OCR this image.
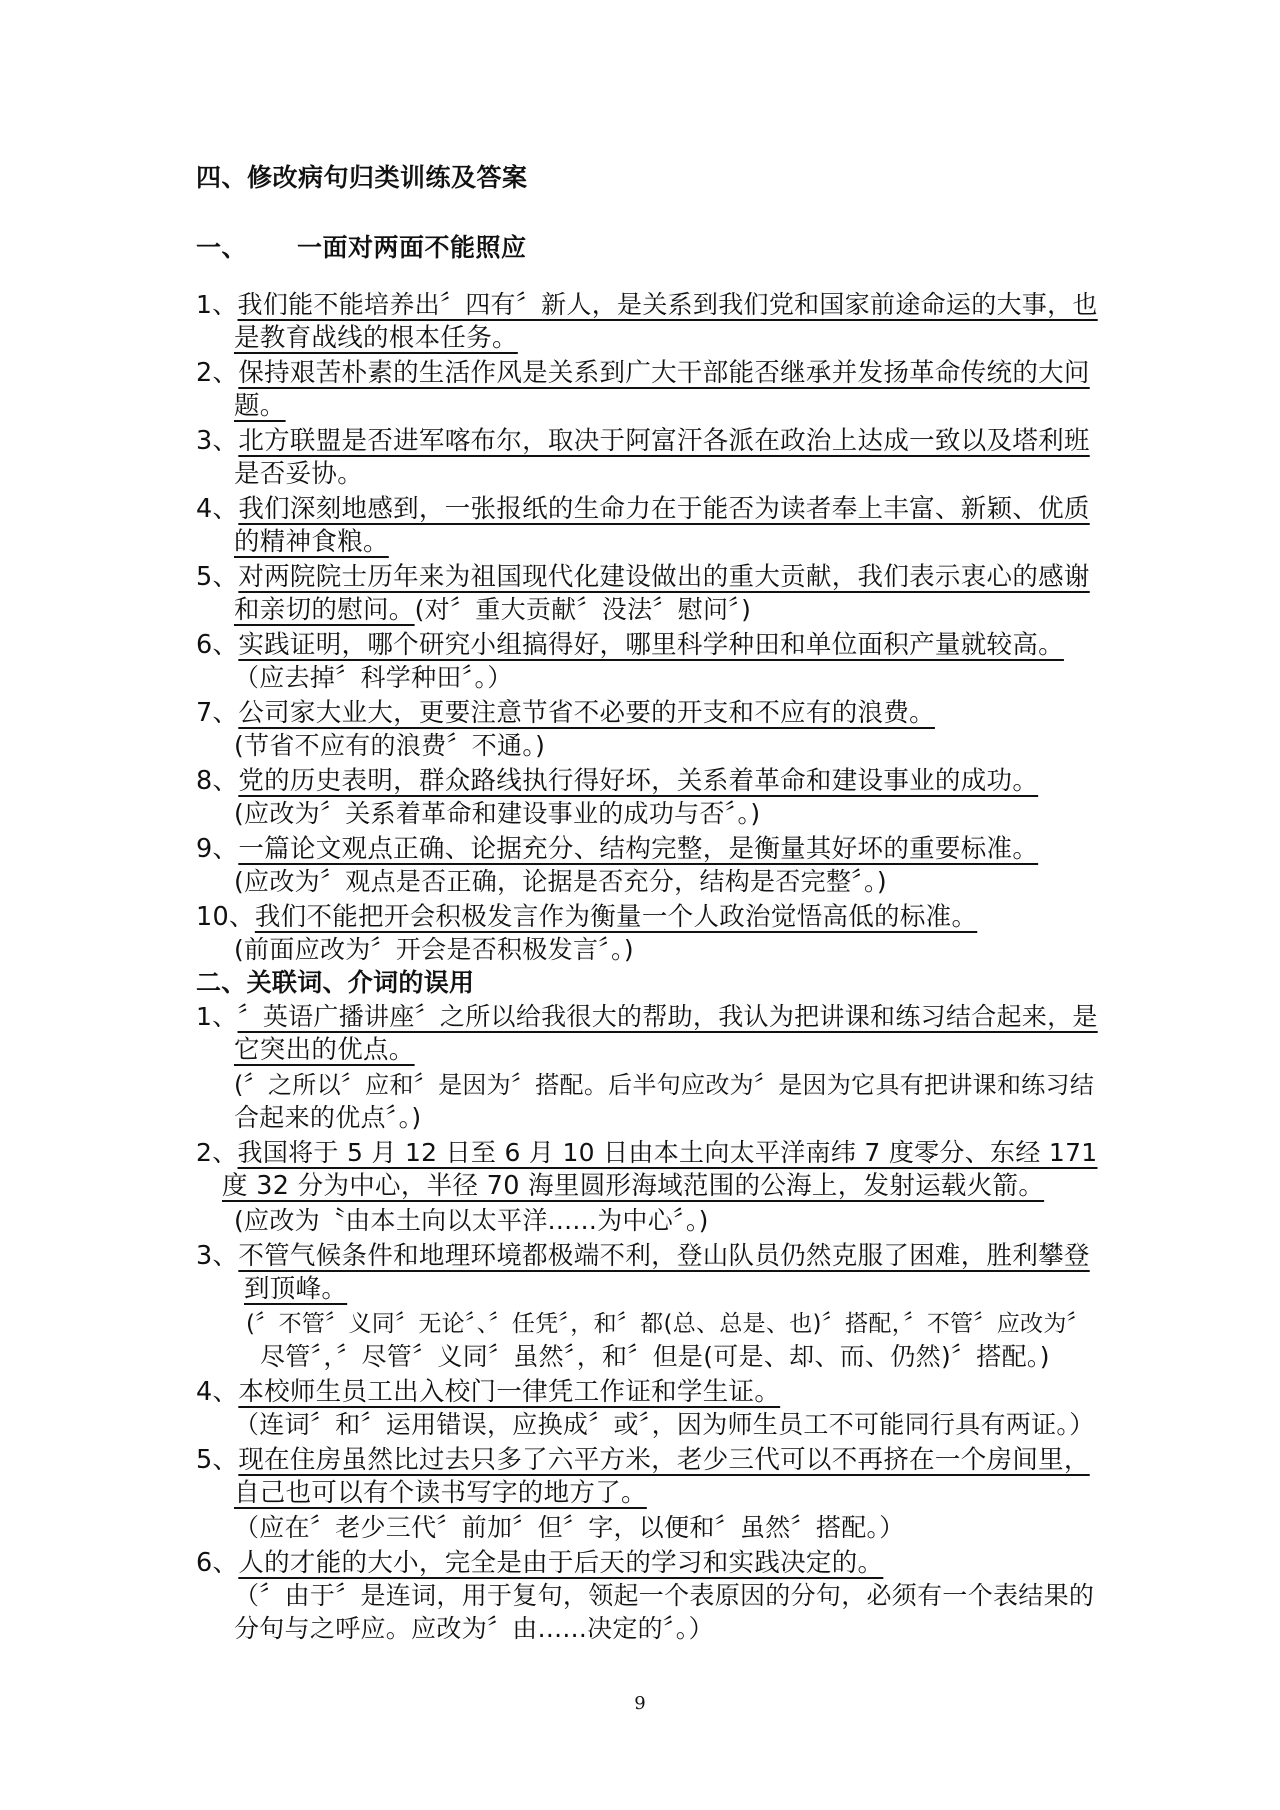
四、修改病句归类训练及答案
一、 一面对两面不能照应
1、我们能不能培养出〞四有〞新人，是关系到我们党和国家前途命运的大事，也
是教育战线的根本任务。
2、保持艰苦朴素的生活作风是关系到广大干部能否继承并发扬革命传统的大问
题。
3、北方联盟是否进军喀布尔，取决于阿富汗各派在政治上达成一致以及塔利班
是否妥协。
4、我们深刻地感到，一张报纸的生命力在于能否为读者奉上丰富、新颖、优质
的精神食粮。
5、对两院院士历年来为祖国现代化建设做出的重大贡献，我们表示衷心的感谢
和亲切的慰问。(对〞重大贡献〞没法〞慰问〞)
6、实践证明，哪个研究小组搞得好，哪里科学种田和单位面积产量就较高。
（应去掉〞科学种田〞。）
7、公司家大业大，更要注意节省不必要的开支和不应有的浪费。
(节省不应有的浪费〞不通。)
8、党的历史表明，群众路线执行得好坏，关系着革命和建设事业的成功。
(应改为〞关系着革命和建设事业的成功与否〞。)
9、一篇论文观点正确、论据充分、结构完整，是衡量其好坏的重要标准。
(应改为〞观点是否正确，论据是否充分，结构是否完整〞。)
10、我们不能把开会积极发言作为衡量一个人政治觉悟高低的标准。
(前面应改为〞开会是否积极发言〞。)
二、关联词、介词的误用
1、〞英语广播讲座〞之所以给我很大的帮助，我认为把讲课和练习结合起来，是
它突出的优点。
(〞之所以〞应和〞是因为〞搭配。后半句应改为〞是因为它具有把讲课和练习结
合起来的优点〞。)
2、我国将于 5 月 12 日至 6 月 10 日由本土向太平洋南纬 7 度零分、东经 171
度 32 分为中心，半径 70 海里圆形海域范围的公海上，发射运载火箭。
(应改为〝由本土向以太平洋......为中心〞。)
3、不管气候条件和地理环境都极端不利，登山队员仍然克服了困难，胜利攀登
到顶峰。
(〞不管〞义同〞无论〞、〞任凭〞，和〞都(总、总是、也)〞搭配，〞不管〞应改为〞
尽管〞，〞尽管〞义同〞虽然〞，和〞但是(可是、却、而、仍然)〞搭配。)
4、本校师生员工出入校门一律凭工作证和学生证。
（连词〞和〞运用错误，应换成〞或〞，因为师生员工不可能同行具有两证。）
5、现在住房虽然比过去只多了六平方米，老少三代可以不再挤在一个房间里，
自己也可以有个读书写字的地方了。
（应在〞老少三代〞前加〞但〞字，以便和〞虽然〞搭配。）
6、人的才能的大小，完全是由于后天的学习和实践决定的。
（〞由于〞是连词，用于复句，领起一个表原因的分句，必须有一个表结果的
分句与之呼应。应改为〞由......决定的〞。）
9
